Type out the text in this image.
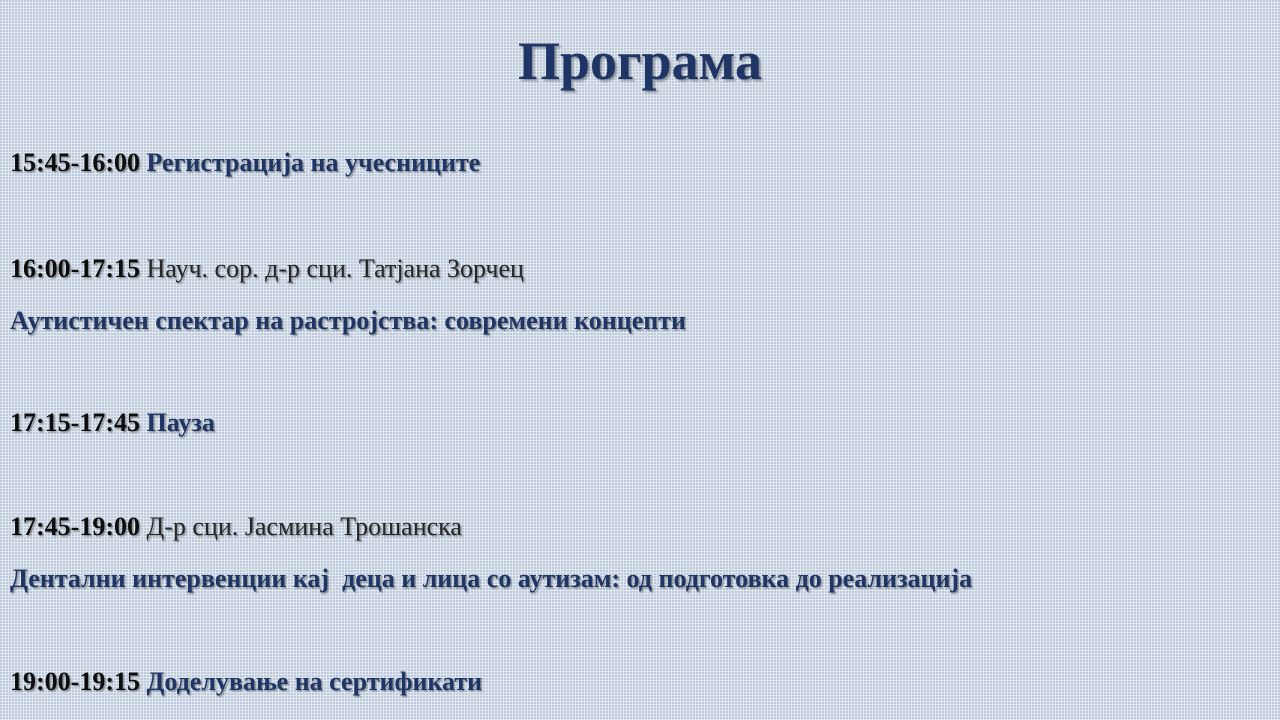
Програма
15:45-16:00 Регистрација на учесниците
16:00-17:15 Науч. сор. д-р сци. Татјана Зорчец
Аутистичен спектар на растројства: современи концепти
17:15-17:45 Пауза
17:45-19:00 Д-р сци. Јасмина Трошанска
Дентални интервенции кај  деца и лица со аутизам: од подготовка до реализација
19:00-19:15 Доделување на сертификати
